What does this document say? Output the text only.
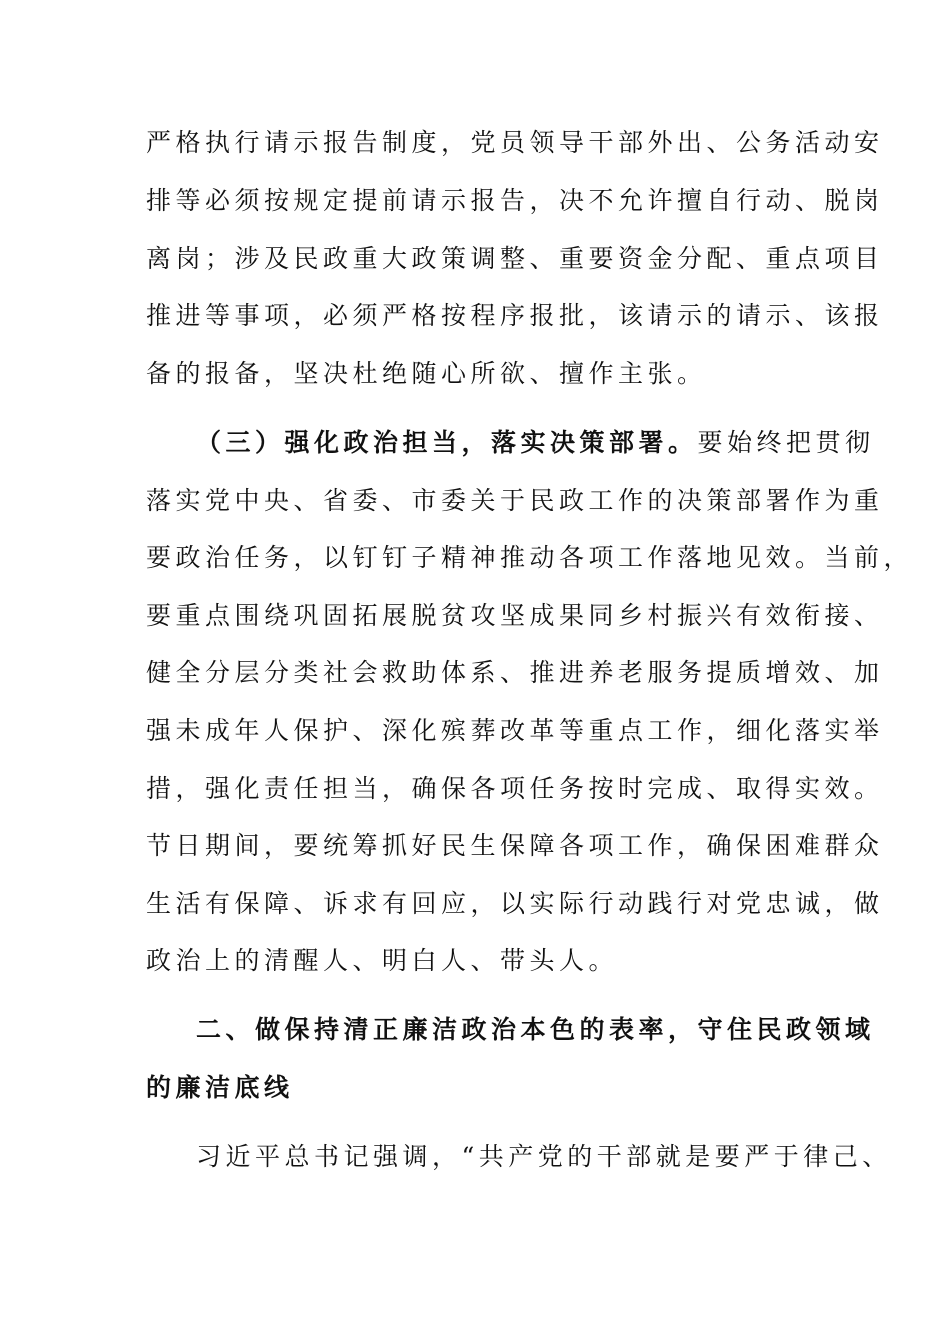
严格执行请示报告制度，党员领导干部外出、公务活动安
排等必须按规定提前请示报告，决不允许擅自行动、脱岗
离岗；涉及民政重大政策调整、重要资金分配、重点项目
推进等事项，必须严格按程序报批，该请示的请示、该报
备的报备，坚决杜绝随心所欲、擅作主张。
（三）强化政治担当，落实决策部署。要始终把贯彻
落实党中央、省委、市委关于民政工作的决策部署作为重
要政治任务，以钉钉子精神推动各项工作落地见效。当前，
要重点围绕巩固拓展脱贫攻坚成果同乡村振兴有效衔接、
健全分层分类社会救助体系、推进养老服务提质增效、加
强未成年人保护、深化殡葬改革等重点工作，细化落实举
措，强化责任担当，确保各项任务按时完成、取得实效。
节日期间，要统筹抓好民生保障各项工作，确保困难群众
生活有保障、诉求有回应，以实际行动践行对党忠诚，做
政治上的清醒人、明白人、带头人。
二、做保持清正廉洁政治本色的表率，守住民政领域
的廉洁底线
习近平总书记强调，“共产党的干部就是要严于律己、
